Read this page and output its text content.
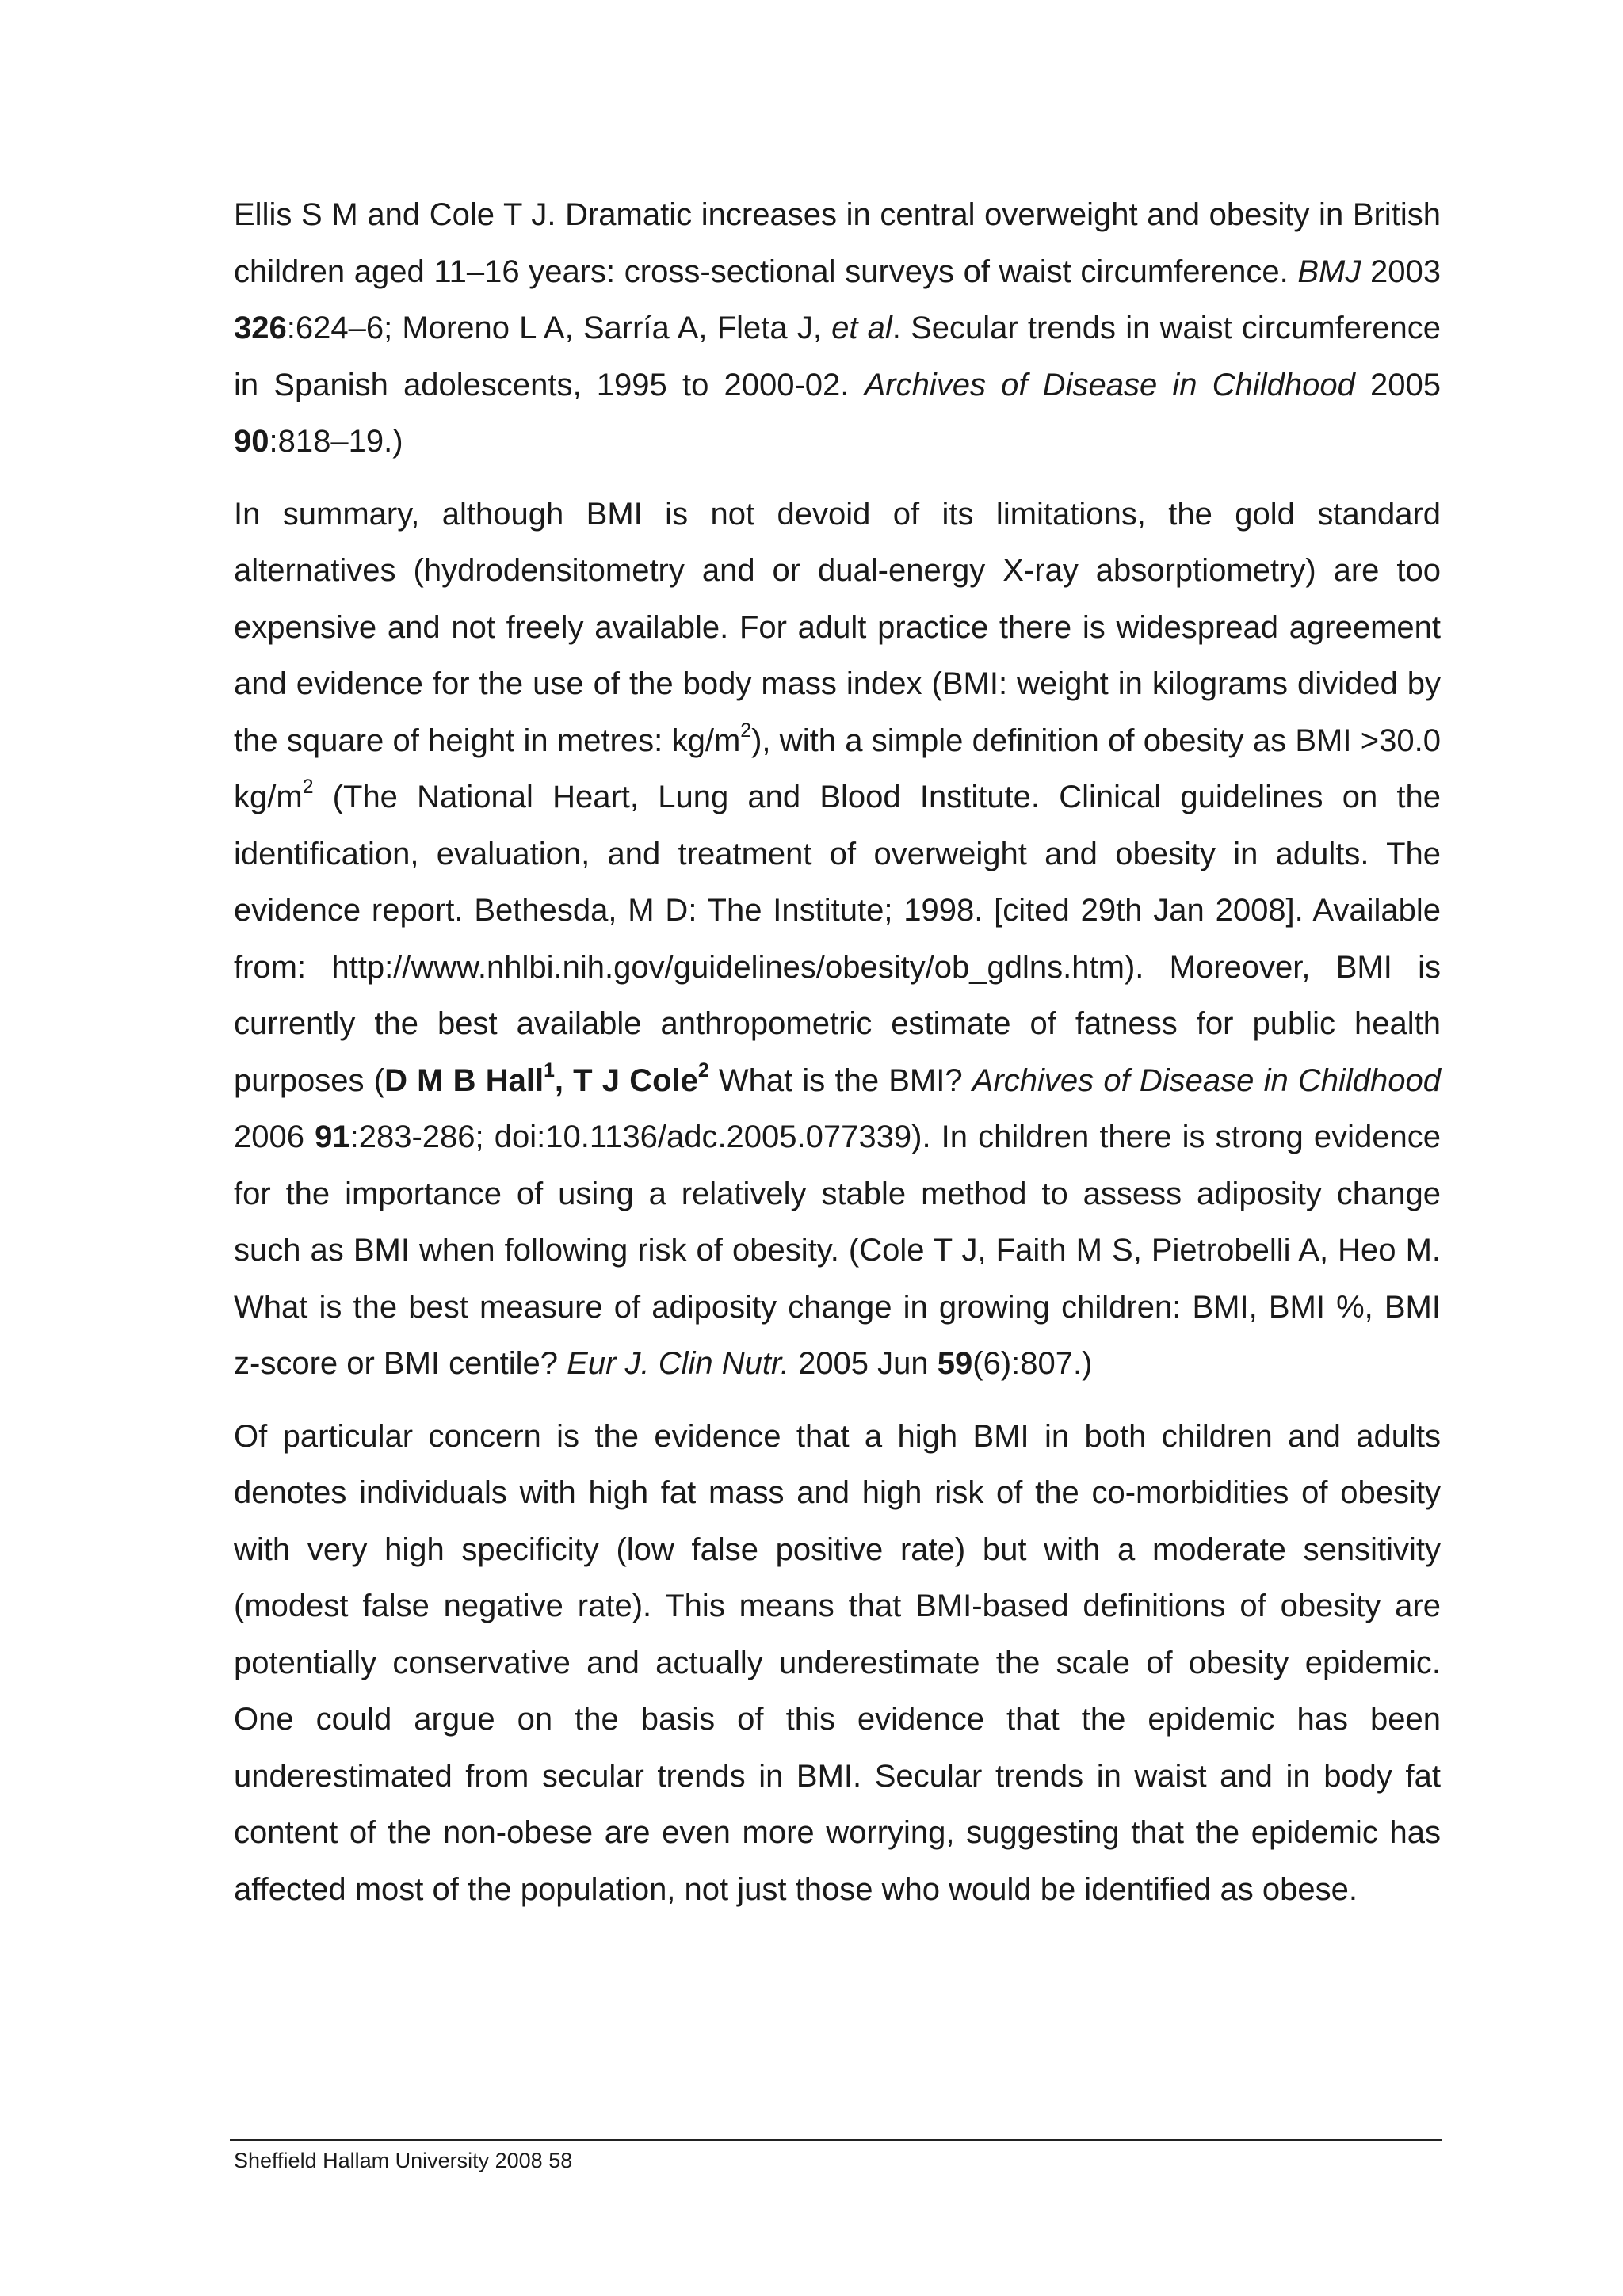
Ellis S M and Cole T J. Dramatic increases in central overweight and obesity in British children aged 11–16 years: cross-sectional surveys of waist circumference. BMJ 2003 326:624–6; Moreno L A, Sarría A, Fleta J, et al. Secular trends in waist circumference in Spanish adolescents, 1995 to 2000-02. Archives of Disease in Childhood 2005 90:818–19.)

In summary, although BMI is not devoid of its limitations, the gold standard alternatives (hydrodensitometry and or dual-energy X-ray absorptiometry) are too expensive and not freely available. For adult practice there is widespread agreement and evidence for the use of the body mass index (BMI: weight in kilograms divided by the square of height in metres: $kg/m^2$), with a simple definition of obesity as BMI >30.0 $kg/m^2$ (The National Heart, Lung and Blood Institute. Clinical guidelines on the identification, evaluation, and treatment of overweight and obesity in adults. The evidence report. Bethesda, M D: The Institute; 1998. [cited 29th Jan 2008]. Available from: http://www.nhlbi.nih.gov/guidelines/obesity/ob_gdlns.htm). Moreover, BMI is currently the best available anthropometric estimate of fatness for public health purposes (D M B Hall$^1$, T J Cole$^2$ What is the BMI? Archives of Disease in Childhood 2006 91:283-286; doi:10.1136/adc.2005.077339). In children there is strong evidence for the importance of using a relatively stable method to assess adiposity change such as BMI when following risk of obesity. (Cole T J, Faith M S, Pietrobelli A, Heo M. What is the best measure of adiposity change in growing children: BMI, BMI %, BMI z-score or BMI centile? Eur J. Clin Nutr. 2005 Jun 59(6):807.)

Of particular concern is the evidence that a high BMI in both children and adults denotes individuals with high fat mass and high risk of the co-morbidities of obesity with very high specificity (low false positive rate) but with a moderate sensitivity (modest false negative rate). This means that BMI-based definitions of obesity are potentially conservative and actually underestimate the scale of obesity epidemic. One could argue on the basis of this evidence that the epidemic has been underestimated from secular trends in BMI. Secular trends in waist and in body fat content of the non-obese are even more worrying, suggesting that the epidemic has affected most of the population, not just those who would be identified as obese.

Sheffield Hallam University 2008 58
